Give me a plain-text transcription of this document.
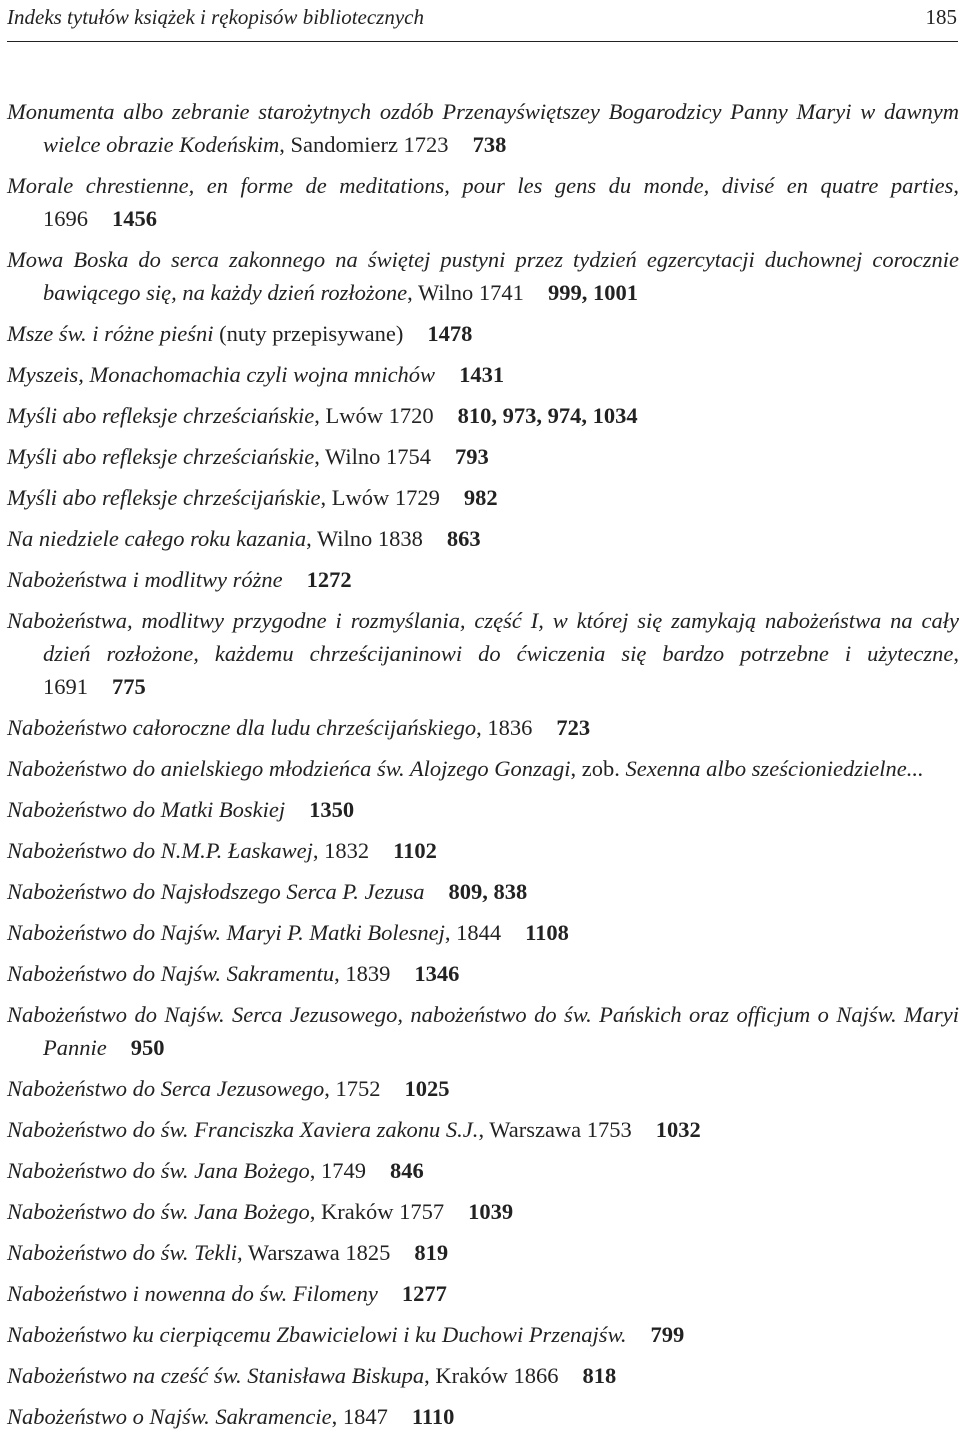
Indeks tytułów książek i rękopisów bibliotecznych	185
Monumenta albo zebranie starożytnych ozdób Przenayświętszey Bogarodzicy Panny Maryi w dawnym wielce obrazie Kodeńskim, Sandomierz 1723 738
Morale chrestienne, en forme de meditations, pour les gens du monde, divisé en quatre parties, 1696 1456
Mowa Boska do serca zakonnego na świętej pustyni przez tydzień egzercytacji duchownej corocznie bawiącego się, na każdy dzień rozłożone, Wilno 1741 999, 1001
Msze św. i różne pieśni (nuty przepisywane) 1478
Myszeis, Monachomachia czyli wojna mnichów 1431
Myśli abo refleksje chrześciańskie, Lwów 1720 810, 973, 974, 1034
Myśli abo refleksje chrześciańskie, Wilno 1754 793
Myśli abo refleksje chrześcijańskie, Lwów 1729 982
Na niedziele całego roku kazania, Wilno 1838 863
Nabożeństwa i modlitwy różne 1272
Nabożeństwa, modlitwy przygodne i rozmyślania, część I, w której się zamykają nabożeństwa na cały dzień rozłożone, każdemu chrześcijaninowi do ćwiczenia się bardzo potrzebne i użyteczne, 1691 775
Nabożeństwo całoroczne dla ludu chrześcijańskiego, 1836 723
Nabożeństwo do anielskiego młodzieńca św. Alojzego Gonzagi, zob. Sexenna albo sześcioniedzielne...
Nabożeństwo do Matki Boskiej 1350
Nabożeństwo do N.M.P. Łaskawej, 1832 1102
Nabożeństwo do Najsłodszego Serca P. Jezusa 809, 838
Nabożeństwo do Najśw. Maryi P. Matki Bolesnej, 1844 1108
Nabożeństwo do Najśw. Sakramentu, 1839 1346
Nabożeństwo do Najśw. Serca Jezusowego, nabożeństwo do św. Pańskich oraz officjum o Najśw. Maryi Pannie 950
Nabożeństwo do Serca Jezusowego, 1752 1025
Nabożeństwo do św. Franciszka Xaviera zakonu S.J., Warszawa 1753 1032
Nabożeństwo do św. Jana Bożego, 1749 846
Nabożeństwo do św. Jana Bożego, Kraków 1757 1039
Nabożeństwo do św. Tekli, Warszawa 1825 819
Nabożeństwo i nowenna do św. Filomeny 1277
Nabożeństwo ku cierpiącemu Zbawicielowi i ku Duchowi Przenajśw. 799
Nabożeństwo na cześć św. Stanisława Biskupa, Kraków 1866 818
Nabożeństwo o Najśw. Sakramencie, 1847 1110
